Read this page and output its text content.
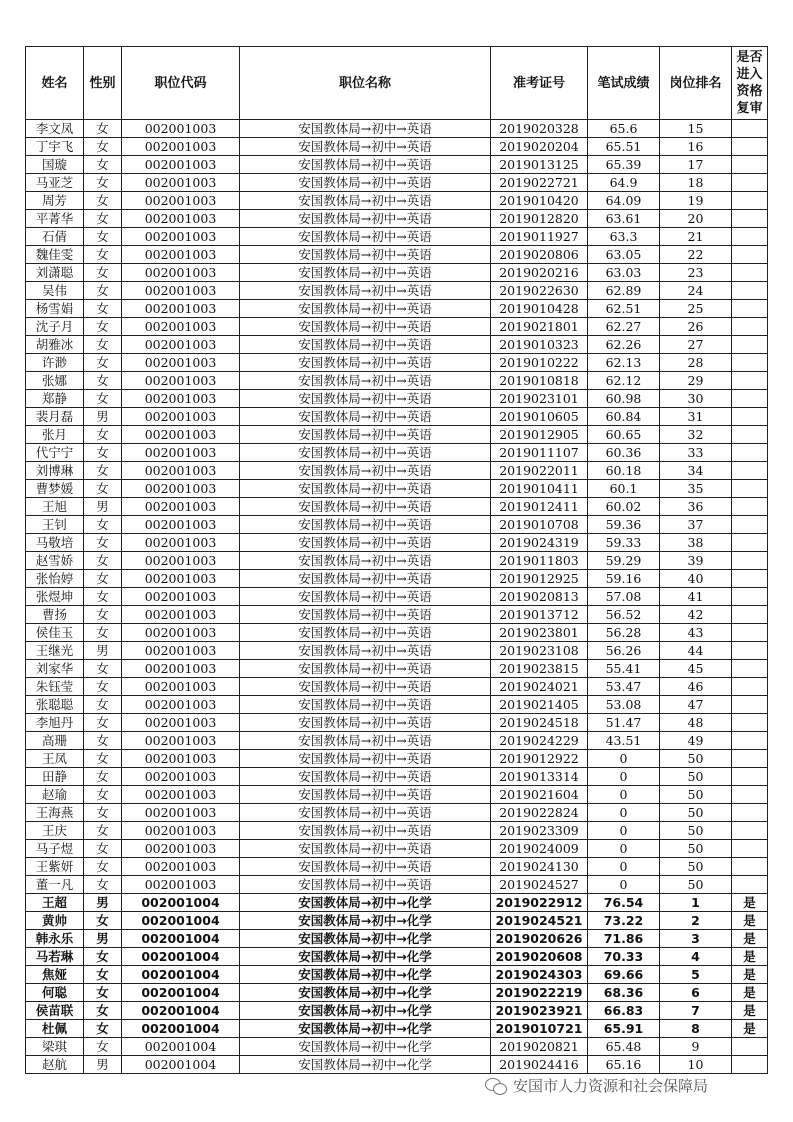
姓名	性别	职位代码	职位名称	准考证号	笔试成绩	岗位排名	是否进入资格复审
李文凤	女	002001003	安国教体局→初中→英语	2019020328	65.6	15	
丁宇飞	女	002001003	安国教体局→初中→英语	2019020204	65.51	16	
国璇	女	002001003	安国教体局→初中→英语	2019013125	65.39	17	
马亚芝	女	002001003	安国教体局→初中→英语	2019022721	64.9	18	
周芳	女	002001003	安国教体局→初中→英语	2019010420	64.09	19	
平菁华	女	002001003	安国教体局→初中→英语	2019012820	63.61	20	
石倩	女	002001003	安国教体局→初中→英语	2019011927	63.3	21	
魏佳雯	女	002001003	安国教体局→初中→英语	2019020806	63.05	22	
刘潇聪	女	002001003	安国教体局→初中→英语	2019020216	63.03	23	
吴伟	女	002001003	安国教体局→初中→英语	2019022630	62.89	24	
杨雪娟	女	002001003	安国教体局→初中→英语	2019010428	62.51	25	
沈子月	女	002001003	安国教体局→初中→英语	2019021801	62.27	26	
胡雅冰	女	002001003	安国教体局→初中→英语	2019010323	62.26	27	
许渺	女	002001003	安国教体局→初中→英语	2019010222	62.13	28	
张娜	女	002001003	安国教体局→初中→英语	2019010818	62.12	29	
郑静	女	002001003	安国教体局→初中→英语	2019023101	60.98	30	
裴月磊	男	002001003	安国教体局→初中→英语	2019010605	60.84	31	
张月	女	002001003	安国教体局→初中→英语	2019012905	60.65	32	
代宁宁	女	002001003	安国教体局→初中→英语	2019011107	60.36	33	
刘博琳	女	002001003	安国教体局→初中→英语	2019022011	60.18	34	
曹梦媛	女	002001003	安国教体局→初中→英语	2019010411	60.1	35	
王旭	男	002001003	安国教体局→初中→英语	2019012411	60.02	36	
王钊	女	002001003	安国教体局→初中→英语	2019010708	59.36	37	
马敬培	女	002001003	安国教体局→初中→英语	2019024319	59.33	38	
赵雪娇	女	002001003	安国教体局→初中→英语	2019011803	59.29	39	
张怡婷	女	002001003	安国教体局→初中→英语	2019012925	59.16	40	
张煜坤	女	002001003	安国教体局→初中→英语	2019020813	57.08	41	
曹扬	女	002001003	安国教体局→初中→英语	2019013712	56.52	42	
侯佳玉	女	002001003	安国教体局→初中→英语	2019023801	56.28	43	
王继光	男	002001003	安国教体局→初中→英语	2019023108	56.26	44	
刘家华	女	002001003	安国教体局→初中→英语	2019023815	55.41	45	
朱钰莹	女	002001003	安国教体局→初中→英语	2019024021	53.47	46	
张聪聪	女	002001003	安国教体局→初中→英语	2019021405	53.08	47	
李旭丹	女	002001003	安国教体局→初中→英语	2019024518	51.47	48	
高珊	女	002001003	安国教体局→初中→英语	2019024229	43.51	49	
王凤	女	002001003	安国教体局→初中→英语	2019012922	0	50	
田静	女	002001003	安国教体局→初中→英语	2019013314	0	50	
赵瑜	女	002001003	安国教体局→初中→英语	2019021604	0	50	
王海燕	女	002001003	安国教体局→初中→英语	2019022824	0	50	
王庆	女	002001003	安国教体局→初中→英语	2019023309	0	50	
马子煜	女	002001003	安国教体局→初中→英语	2019024009	0	50	
王紫妍	女	002001003	安国教体局→初中→英语	2019024130	0	50	
董一凡	女	002001003	安国教体局→初中→英语	2019024527	0	50	
王超	男	002001004	安国教体局→初中→化学	2019022912	76.54	1	是
黄帅	女	002001004	安国教体局→初中→化学	2019024521	73.22	2	是
韩永乐	男	002001004	安国教体局→初中→化学	2019020626	71.86	3	是
马若琳	女	002001004	安国教体局→初中→化学	2019020608	70.33	4	是
焦娅	女	002001004	安国教体局→初中→化学	2019024303	69.66	5	是
何聪	女	002001004	安国教体局→初中→化学	2019022219	68.36	6	是
侯苗联	女	002001004	安国教体局→初中→化学	2019023921	66.83	7	是
杜佩	女	002001004	安国教体局→初中→化学	2019010721	65.91	8	是
梁琪	女	002001004	安国教体局→初中→化学	2019020821	65.48	9	
赵航	男	002001004	安国教体局→初中→化学	2019024416	65.16	10	
安国市人力资源和社会保障局
